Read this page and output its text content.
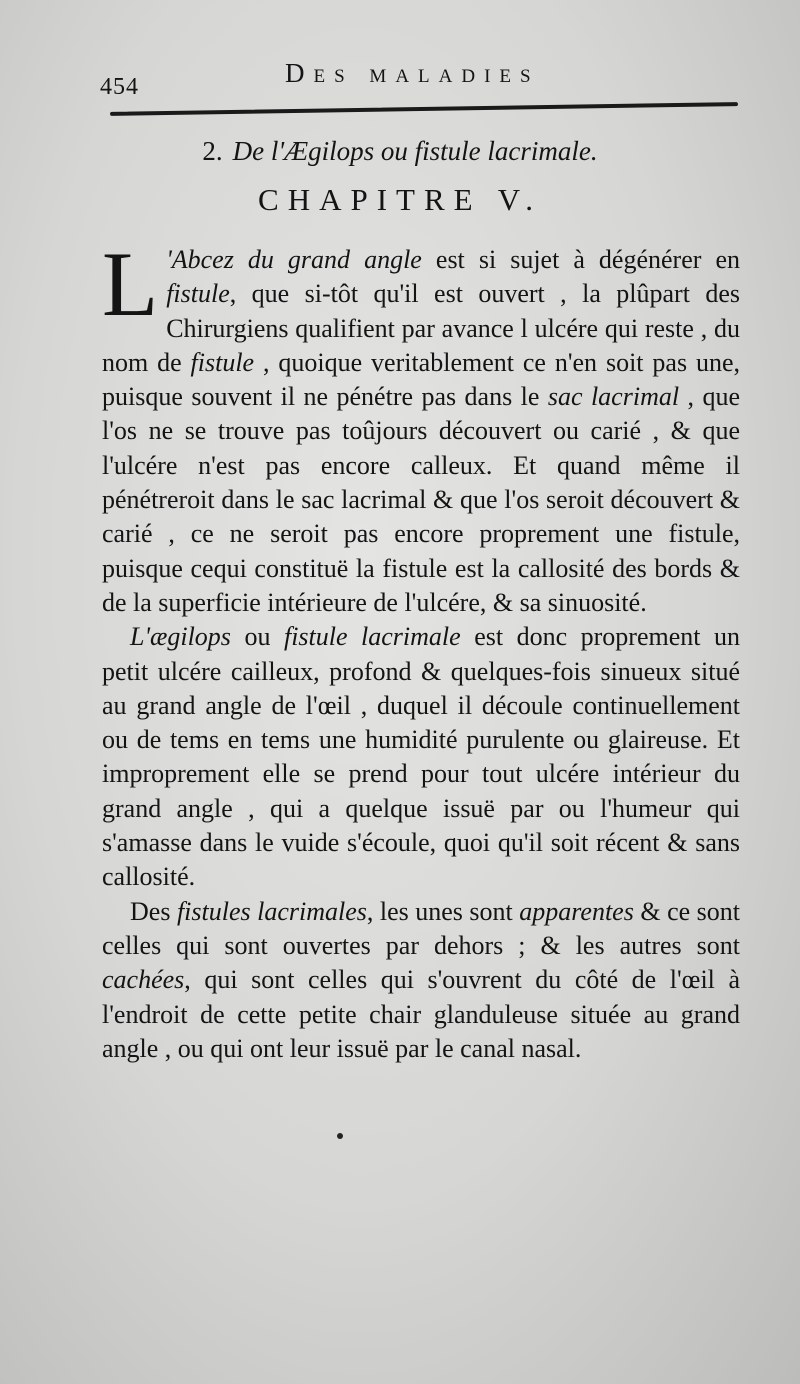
454	Des maladies
2. De l'Ægilops ou fistule lacrimale.
CHAPITRE V.

L 'Abcez du grand angle est si sujet à dégénérer en fistule, que si-tôt qu'il est ouvert , la plûpart des Chirurgiens qualifient par avance l ulcére qui reste , du nom de fistule , quoique veritablement ce n'en soit pas une, puisque souvent il ne pénétre pas dans le sac lacrimal , que l'os ne se trouve pas toûjours découvert ou carié , & que l'ulcére n'est pas encore calleux. Et quand même il pénétreroit dans le sac lacrimal & que l'os seroit découvert & carié , ce ne seroit pas encore proprement une fistule, puisque cequi constituë la fistule est la callosité des bords & de la superficie intérieure de l'ulcére, & sa sinuosité.

L'ægilops ou fistule lacrimale est donc proprement un petit ulcére cailleux, profond & quelques-fois sinueux situé au grand angle de l'œil , duquel il découle continuellement ou de tems en tems une humidité purulente ou glaireuse. Et improprement elle se prend pour tout ulcére intérieur du grand angle , qui a quelque issuë par ou l'humeur qui s'amasse dans le vuide s'écoule, quoi qu'il soit récent & sans callosité.

Des fistules lacrimales, les unes sont apparentes & ce sont celles qui sont ouvertes par dehors ; & les autres sont cachées, qui sont celles qui s'ouvrent du côté de l'œil à l'endroit de cette petite chair glanduleuse située au grand angle , ou qui ont leur issuë par le canal nasal.
